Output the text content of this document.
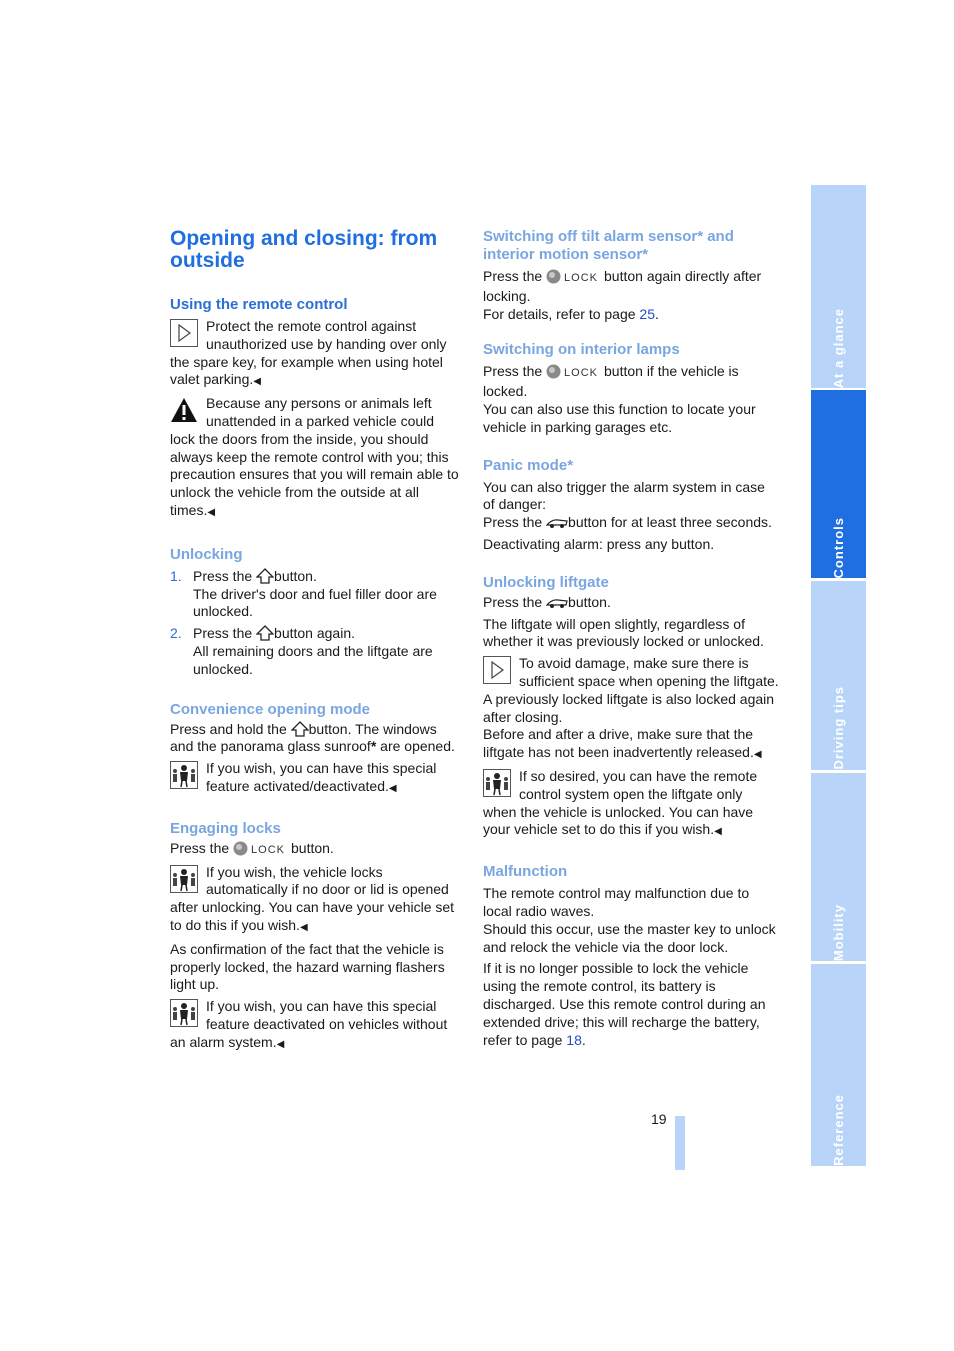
Opening and closing: from outside
Using the remote control

Protect the remote control against unauthorized use by handing over only the spare key, for example when using hotel valet parking.◀

Because any persons or animals left unattended in a parked vehicle could lock the doors from the inside, you should always keep the remote control with you; this precaution ensures that you will remain able to unlock the vehicle from the outside at all times.◀

Unlocking
1. Press the button.

The driver's door and fuel filler door are unlocked.

2. Press the button again.

All remaining doors and the liftgate are unlocked.

Convenience opening mode

Press and hold the button. The windows and the panorama glass sunroof* are opened.

If you wish, you can have this special feature activated/deactivated.◀

Engaging locks

Press the LOCK button.

If you wish, the vehicle locks automatically if no door or lid is opened after unlocking. You can have your vehicle set to do this if you wish.◀

As confirmation of the fact that the vehicle is properly locked, the hazard warning flashers light up.

If you wish, you can have this special feature deactivated on vehicles without an alarm system.◀

Switching off tilt alarm sensor* and interior motion sensor*

Press the LOCK button again directly after locking.

For details, refer to page 25.

Switching on interior lamps

Press the LOCK button if the vehicle is locked.

You can also use this function to locate your vehicle in parking garages etc.

Panic mode*

You can also trigger the alarm system in case of danger:

Press the button for at least three seconds.

Deactivating alarm: press any button.

Unlocking liftgate

Press the button.

The liftgate will open slightly, regardless of whether it was previously locked or unlocked.

To avoid damage, make sure there is sufficient space when opening the liftgate.

A previously locked liftgate is also locked again after closing.

Before and after a drive, make sure that the liftgate has not been inadvertently released.◀

If so desired, you can have the remote control system open the liftgate only when the vehicle is unlocked. You can have your vehicle set to do this if you wish.◀

Malfunction

The remote control may malfunction due to local radio waves.

Should this occur, use the master key to unlock and relock the vehicle via the door lock.

If it is no longer possible to lock the vehicle using the remote control, its battery is discharged. Use this remote control during an extended drive; this will recharge the battery, refer to page 18.

At a glance
Controls
Driving tips
Mobility
Reference
19
